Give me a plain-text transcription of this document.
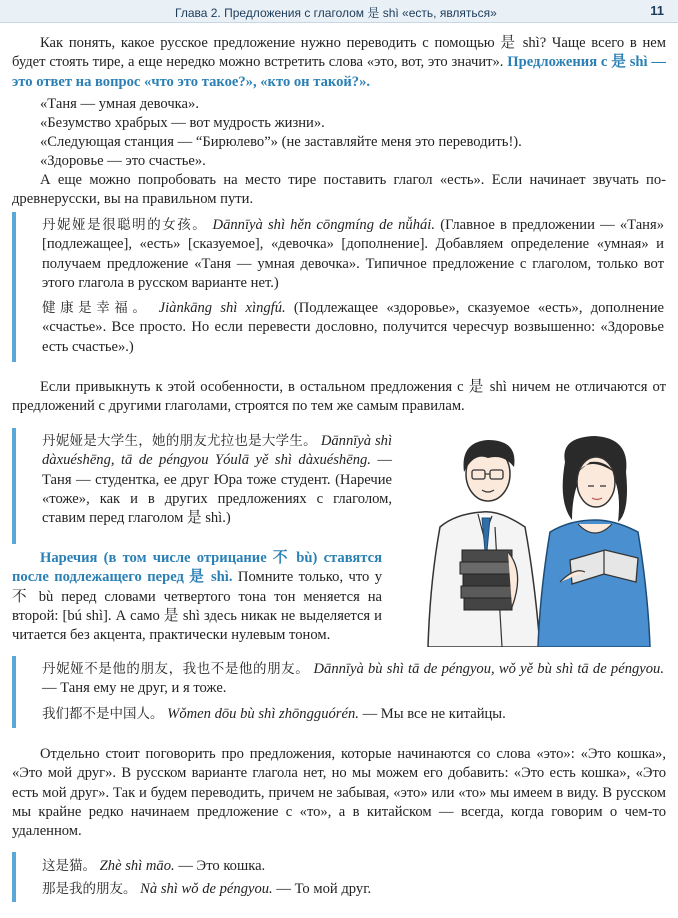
Глава 2. Предложения с глаголом 是 shì «есть, являться»	11
Как понять, какое русское предложение нужно переводить с помощью 是 shì? Чаще всего в нем будет стоять тире, а еще нередко можно встретить слова «это, вот, это значит». Предложения с 是 shì — это ответ на вопрос «что это такое?», «кто он такой?».
«Таня — умная девочка».
«Безумство храбрых — вот мудрость жизни».
«Следующая станция — “Бирюлево”» (не заставляйте меня это переводить!).
«Здоровье — это счастье».
А еще можно попробовать на место тире поставить глагол «есть». Если начинает звучать по-древнерусски, вы на правильном пути.
丹妮娅是很聪明的女孩。 Dānnīyà shì hěn cōngmíng de nǚhái. (Главное в предложении — «Таня» [подлежащее], «есть» [сказуемое], «девочка» [дополнение]. Добавляем определение «умная» и получаем предложение «Таня — умная девочка». Типичное предложение с глаголом, только вот этого глагола в русском варианте нет.)
健康是幸福。 Jiànkāng shì xìngfú. (Подлежащее «здоровье», сказуемое «есть», дополнение «счастье». Все просто. Но если перевести дословно, получится чересчур возвышенно: «Здоровье есть счастье».)
Если привыкнуть к этой особенности, в остальном предложения с 是 shì ничем не отличаются от предложений с другими глаголами, строятся по тем же самым правилам.
丹妮娅是大学生，她的朋友尤拉也是大学生。 Dānnīyà shì dàxuéshēng, tā de péngyou Yóulā yě shì dàxuéshēng. — Таня — студентка, ее друг Юра тоже студент. (Наречие «тоже», как и в других предложениях с глаголом, ставим перед глаголом 是 shì.)
Наречия (в том числе отрицание 不 bù) ставятся после подлежащего перед 是 shì. Помните только, что у 不 bù перед словами четвертого тона тон меняется на второй: [bú shì]. А само 是 shì здесь никак не выделяется и читается без акцента, практически нулевым тоном.
丹妮娅不是他的朋友，我也不是他的朋友。 Dānnīyà bù shì tā de péngyou, wǒ yě bù shì tā de péngyou. — Таня ему не друг, и я тоже.
我们都不是中国人。 Wǒmen dōu bù shì zhōngguórén. — Мы все не китайцы.
Отдельно стоит поговорить про предложения, которые начинаются со слова «это»: «Это кошка», «Это мой друг». В русском варианте глагола нет, но мы можем его добавить: «Это есть кошка», «Это есть мой друг». Так и будем переводить, причем не забывая, «это» или «то» мы имеем в виду. В русском мы крайне редко начинаем предложение с «то», а в китайском — всегда, когда говорим о чем-то удаленном.
这是猫。 Zhè shì māo. — Это кошка.
那是我的朋友。 Nà shì wǒ de péngyou. — То мой друг.
